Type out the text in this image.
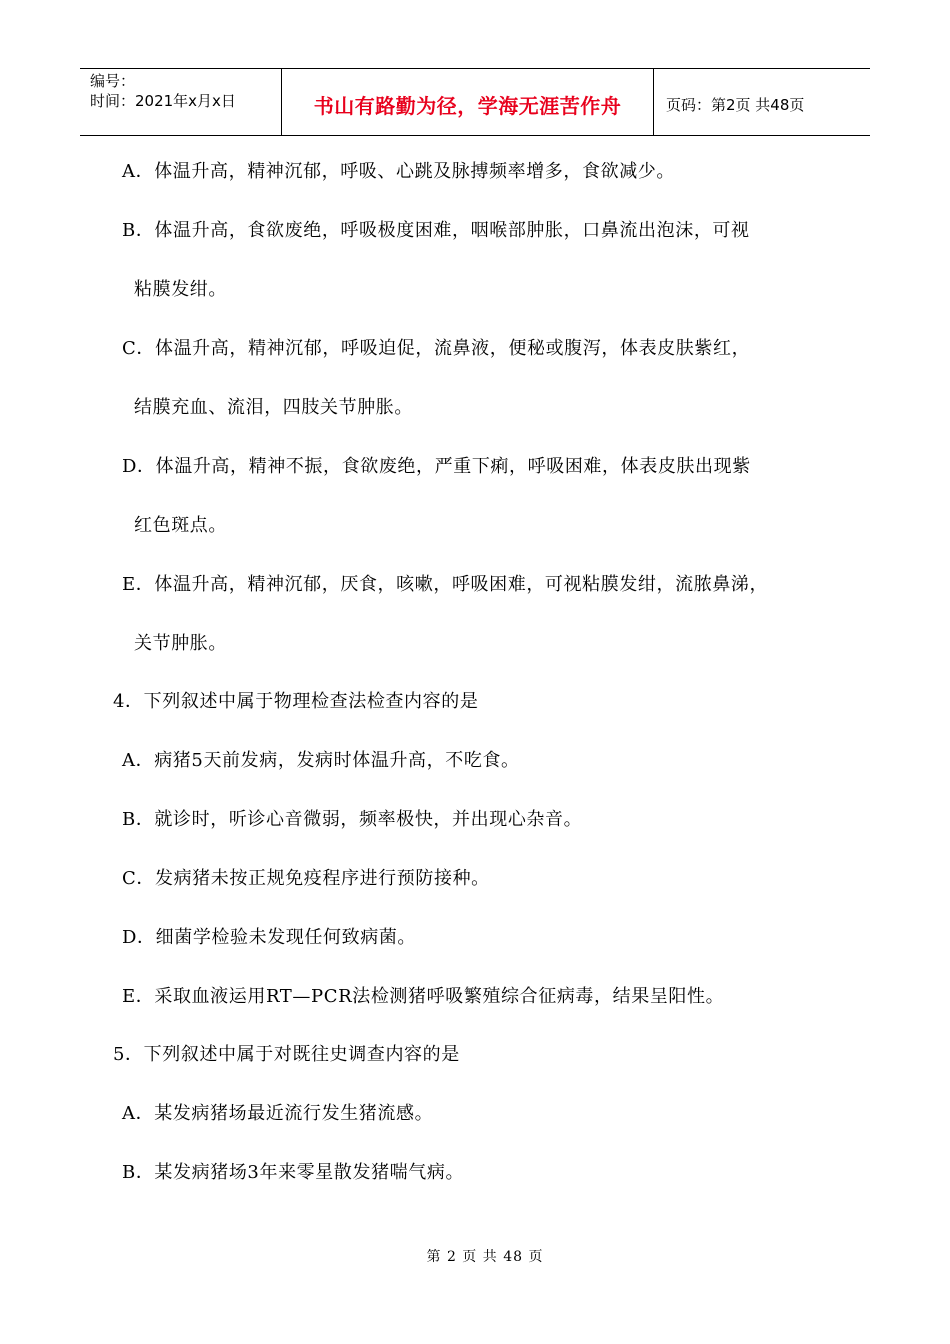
编号：
时间：2021年x月x日	书山有路勤为径，学海无涯苦作舟	页码：第2页 共48页
A．体温升高，精神沉郁，呼吸、心跳及脉搏频率增多，食欲减少。
B．体温升高，食欲废绝，呼吸极度困难，咽喉部肿胀，口鼻流出泡沫，可视
粘膜发绀。
C．体温升高，精神沉郁，呼吸迫促，流鼻液，便秘或腹泻，体表皮肤紫红，
结膜充血、流泪，四肢关节肿胀。
D．体温升高，精神不振，食欲废绝，严重下痢，呼吸困难，体表皮肤出现紫
红色斑点。
E．体温升高，精神沉郁，厌食，咳嗽，呼吸困难，可视粘膜发绀，流脓鼻涕，
关节肿胀。
4．下列叙述中属于物理检查法检查内容的是
A．病猪5天前发病，发病时体温升高，不吃食。
B．就诊时，听诊心音微弱，频率极快，并出现心杂音。
C．发病猪未按正规免疫程序进行预防接种。
D．细菌学检验未发现任何致病菌。
E．采取血液运用RT—PCR法检测猪呼吸繁殖综合征病毒，结果呈阳性。
5．下列叙述中属于对既往史调查内容的是
A．某发病猪场最近流行发生猪流感。
B．某发病猪场3年来零星散发猪喘气病。
第 2 页 共 48 页
